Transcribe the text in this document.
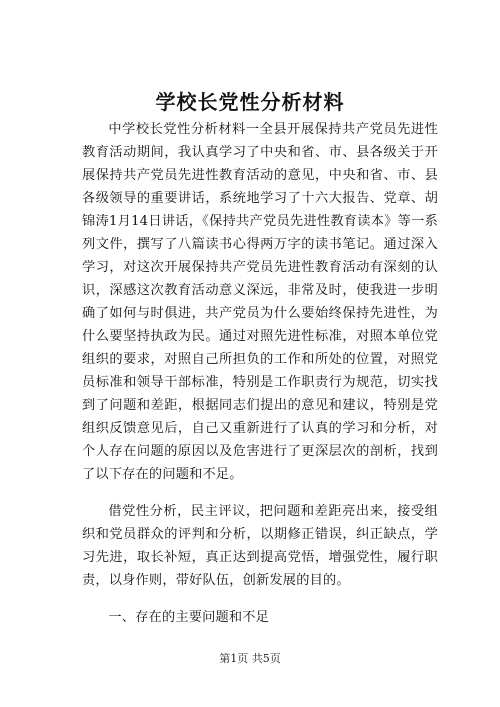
学校长党性分析材料

中学校长党性分析材料一全县开展保持共产党员先进性教育活动期间，我认真学习了中央和省、市、县各级关于开展保持共产党员先进性教育活动的意见，中央和省、市、县各级领导的重要讲话，系统地学习了十六大报告、党章、胡锦涛1月14日讲话，《保持共产党员先进性教育读本》等一系列文件，撰写了八篇读书心得两万字的读书笔记。通过深入学习，对这次开展保持共产党员先进性教育活动有深刻的认识，深感这次教育活动意义深远，非常及时，使我进一步明确了如何与时俱进，共产党员为什么要始终保持先进性，为什么要坚持执政为民。通过对照先进性标准，对照本单位党组织的要求，对照自己所担负的工作和所处的位置，对照党员标准和领导干部标准，特别是工作职责行为规范，切实找到了问题和差距，根据同志们提出的意见和建议，特别是党组织反馈意见后，自己又重新进行了认真的学习和分析，对个人存在问题的原因以及危害进行了更深层次的剖析，找到了以下存在的问题和不足。

借党性分析，民主评议，把问题和差距亮出来，接受组织和党员群众的评判和分析，以期修正错误，纠正缺点，学习先进，取长补短，真正达到提高党悟，增强党性，履行职责，以身作则，带好队伍，创新发展的目的。

一、存在的主要问题和不足

第1页 共5页
